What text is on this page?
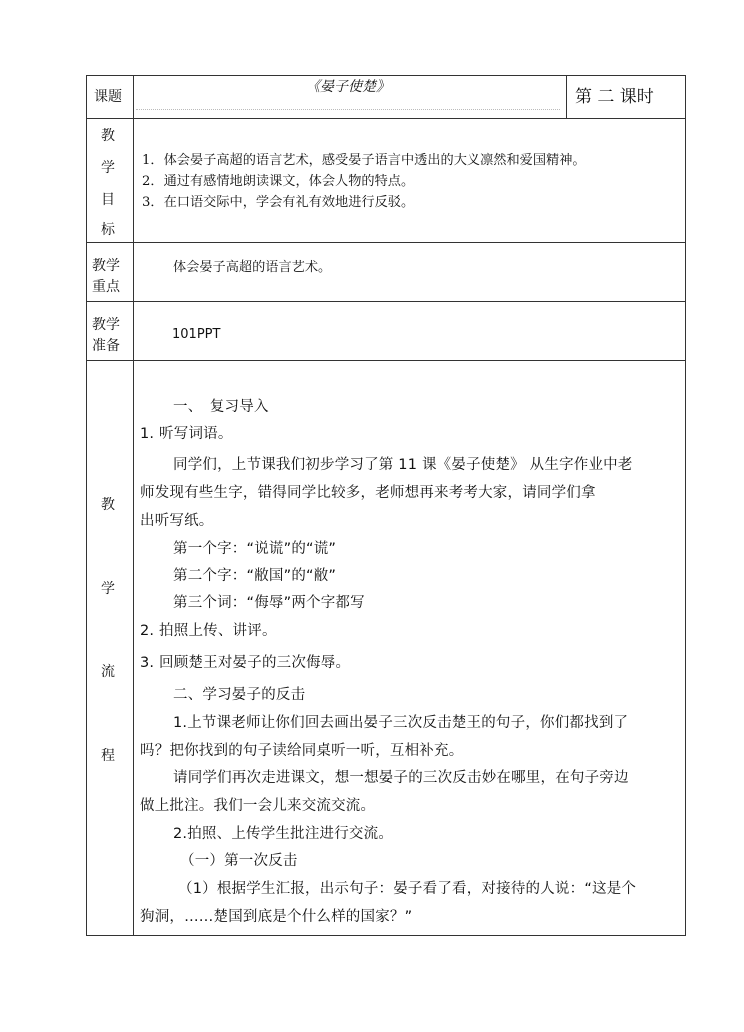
课题
《晏子使楚》	第 二 课时
教
学
目
标
1．体会晏子高超的语言艺术，感受晏子语言中透出的大义凛然和爱国精神。
2．通过有感情地朗读课文，体会人物的特点。
3．在口语交际中，学会有礼有效地进行反驳。
教学
重点
体会晏子高超的语言艺术。
教学
准备
101PPT
教
学
流
程
一、　复习导入
1. 听写词语。
同学们，上节课我们初步学习了第 11 课《晏子使楚》 从生字作业中老
师发现有些生字，错得同学比较多，老师想再来考考大家，请同学们拿
出听写纸。
第一个字：“说谎”的“谎”
第二个字：“敝国”的“敝”
第三个词：“侮辱”两个字都写
2. 拍照上传、讲评。
3. 回顾楚王对晏子的三次侮辱。
二、学习晏子的反击
1.上节课老师让你们回去画出晏子三次反击楚王的句子，你们都找到了
吗？把你找到的句子读给同桌听一听，互相补充。
请同学们再次走进课文，想一想晏子的三次反击妙在哪里，在句子旁边
做上批注。我们一会儿来交流交流。
2.拍照、上传学生批注进行交流。
（一）第一次反击
（1）根据学生汇报，出示句子：晏子看了看，对接待的人说：“这是个
狗洞，……楚国到底是个什么样的国家？”
